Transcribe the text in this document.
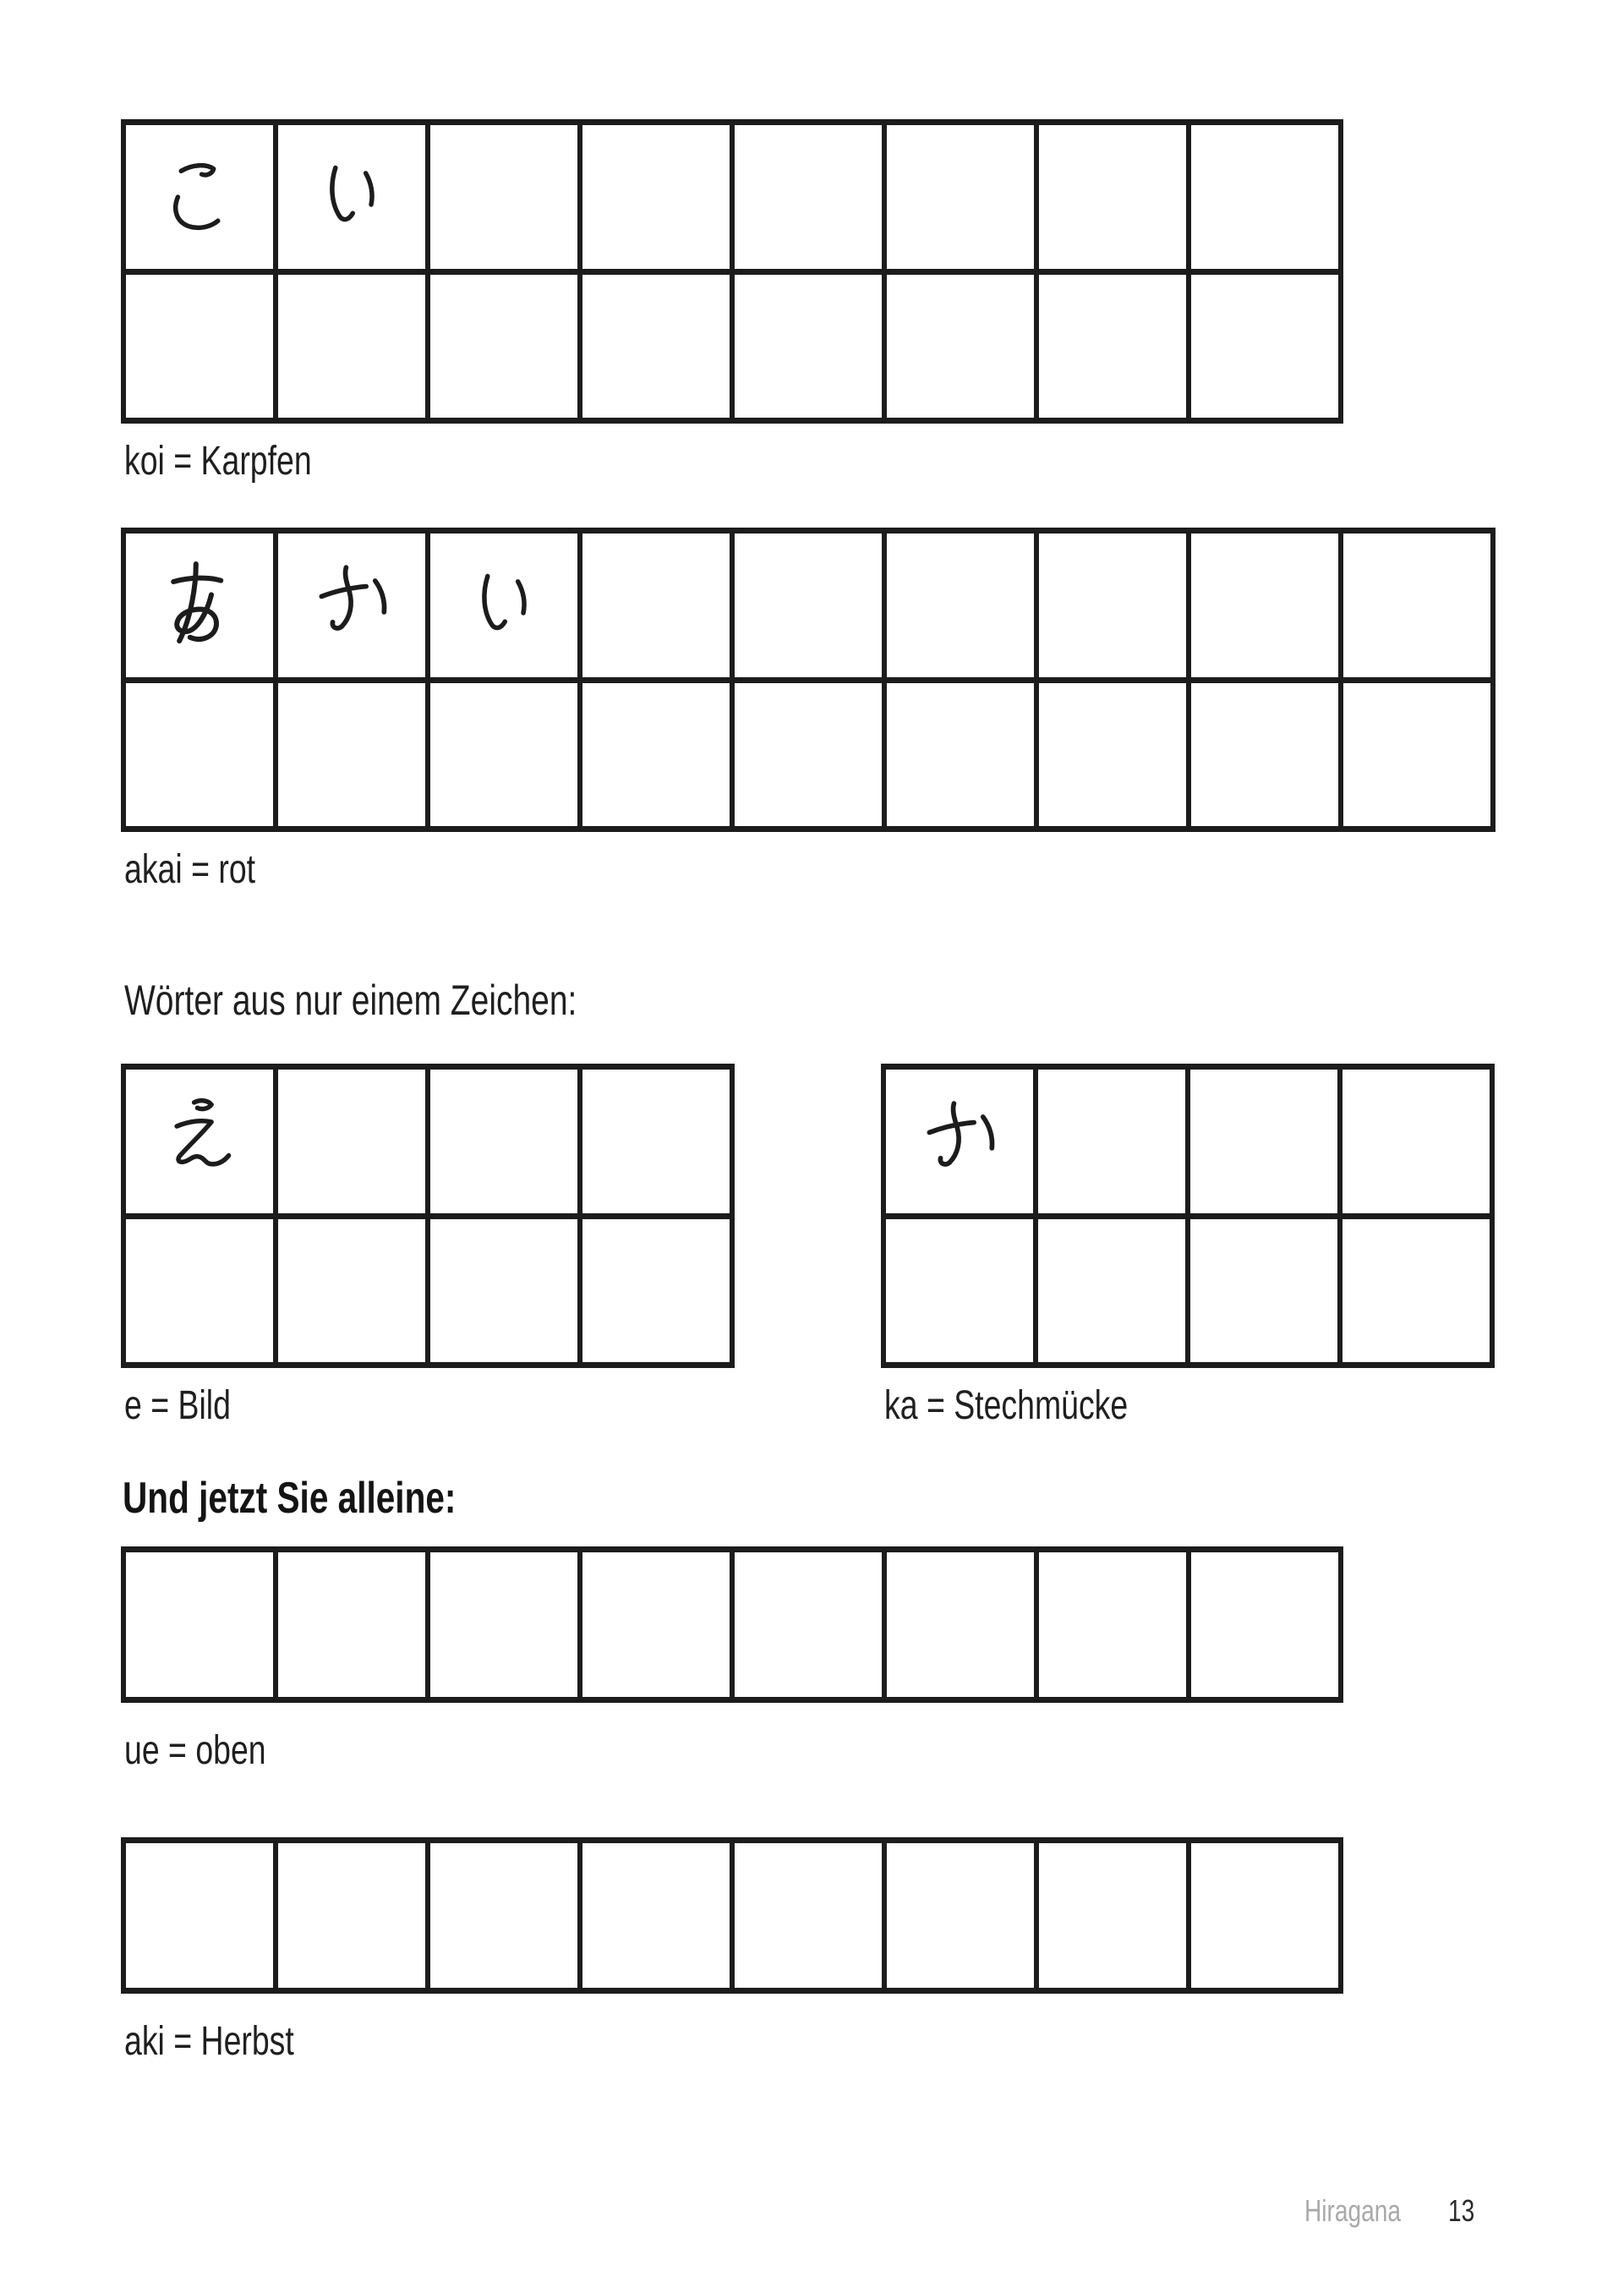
koi = Karpfen
akai = rot
Wörter aus nur einem Zeichen:
e = Bild	ka = Stechmücke
Und jetzt Sie alleine:
ue = oben
aki = Herbst
Hiragana 13
